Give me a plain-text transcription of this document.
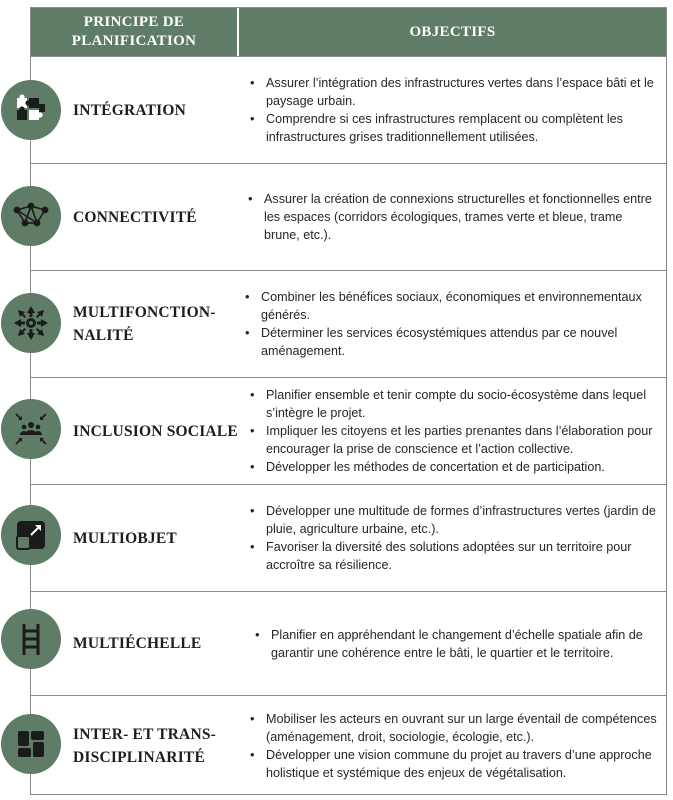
PRINCIPE DE PLANIFICATION
OBJECTIFS
INTÉGRATION
• Assurer l’intégration des infrastructures vertes dans l’espace bâti et le paysage urbain.
• Comprendre si ces infrastructures remplacent ou complètent les infrastructures grises traditionnellement utilisées.
CONNECTIVITÉ
• Assurer la création de connexions structurelles et fonctionnelles entre les espaces (corridors écologiques, trames verte et bleue, trame brune, etc.).
MULTIFONCTION-NALITÉ
• Combiner les bénéfices sociaux, économiques et environnementaux générés.
• Déterminer les services écosystémiques attendus par ce nouvel aménagement.
INCLUSION SOCIALE
• Planifier ensemble et tenir compte du socio-écosystème dans lequel s’intègre le projet.
• Impliquer les citoyens et les parties prenantes dans l’élaboration pour encourager la prise de conscience et l’action collective.
• Développer les méthodes de concertation et de participation.
MULTIOBJET
• Développer une multitude de formes d’infrastructures vertes (jardin de pluie, agriculture urbaine, etc.).
• Favoriser la diversité des solutions adoptées sur un territoire pour accroître sa résilience.
MULTIÉCHELLE
• Planifier en appréhendant le changement d’échelle spatiale afin de garantir une cohérence entre le bâti, le quartier et le territoire.
INTER- ET TRANS-DISCIPLINARITÉ
• Mobiliser les acteurs en ouvrant sur un large éventail de compétences (aménagement, droit, sociologie, écologie, etc.).
• Développer une vision commune du projet au travers d’une approche holistique et systémique des enjeux de végétalisation.
